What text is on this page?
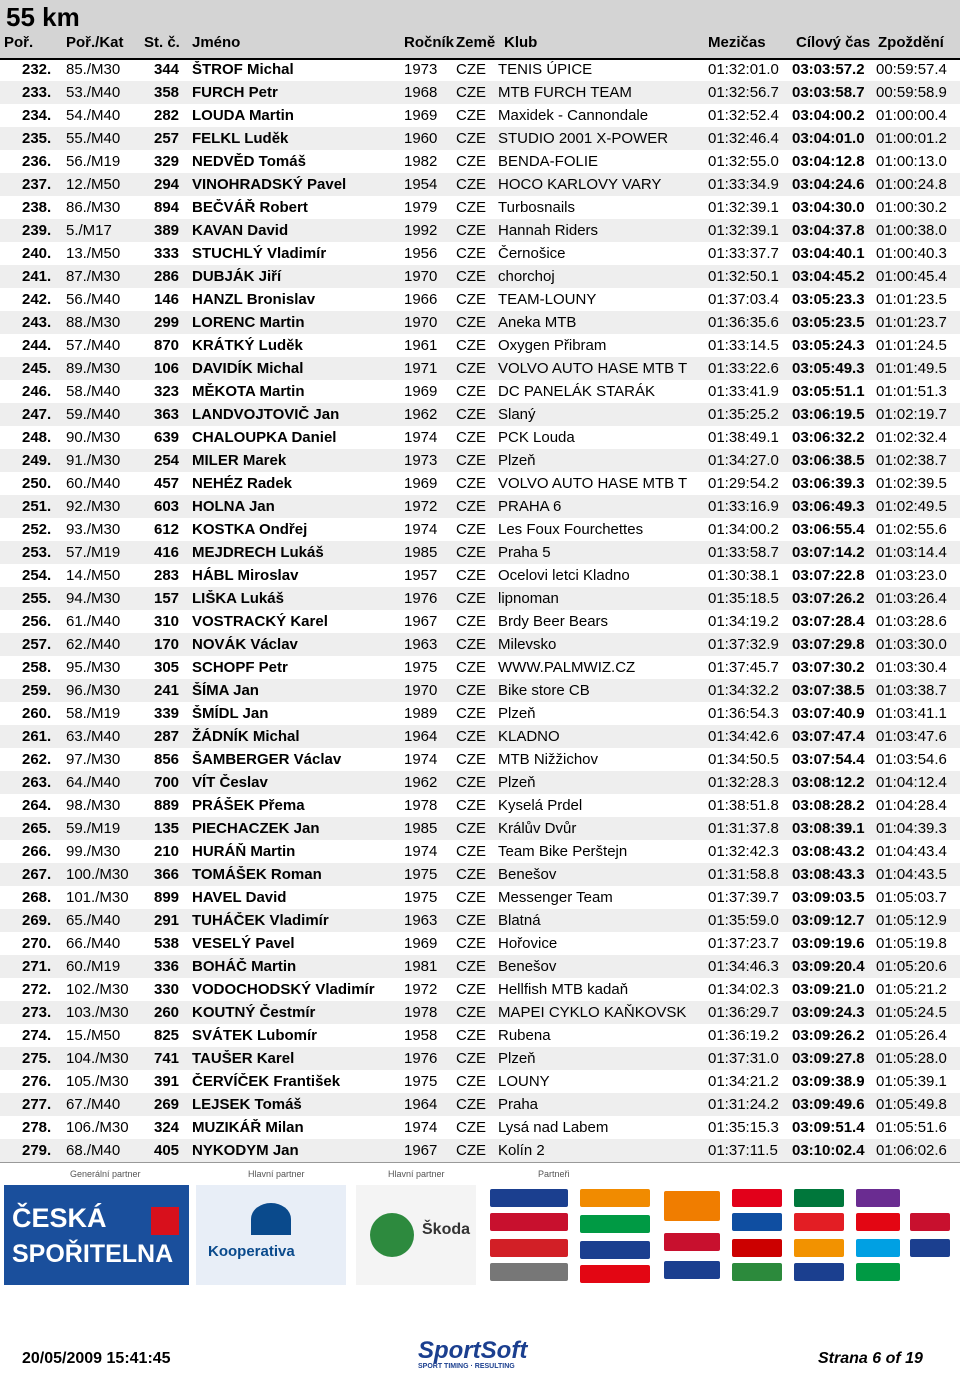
55 km
Poř. Poř./Kat St. č. Jméno	Ročník Země Klub	Mezičas Cílový čas Zpoždění
232. 85./M30	344 ŠTROF Michal	1973	CZE TENIS ÚPICE	01:32:01.0 03:03:57.2 00:59:57.4
233. 53./M40	358 FURCH Petr	1968	CZE MTB FURCH TEAM	01:32:56.7 03:03:58.7 00:59:58.9
234. 54./M40	282 LOUDA Martin	1969	CZE Maxidek - Cannondale	01:32:52.4 03:04:00.2 01:00:00.4
235. 55./M40	257 FELKL Luděk	1960	CZE STUDIO 2001 X-POWER	01:32:46.4 03:04:01.0 01:00:01.2
236. 56./M19	329 NEDVĚD Tomáš	1982	CZE BENDA-FOLIE	01:32:55.0 03:04:12.8 01:00:13.0
237. 12./M50	294 VINOHRADSKÝ Pavel	1954	CZE HOCO KARLOVY VARY	01:33:34.9 03:04:24.6 01:00:24.8
238. 86./M30	894 BEČVÁŘ Robert	1979	CZE Turbosnails	01:32:39.1 03:04:30.0 01:00:30.2
239. 5./M17	389 KAVAN David	1992	CZE Hannah Riders	01:32:39.1 03:04:37.8 01:00:38.0
240. 13./M50	333 STUCHLÝ Vladimír	1956	CZE Černošice	01:33:37.7 03:04:40.1 01:00:40.3
241. 87./M30	286 DUBJÁK Jiří	1970	CZE chorchoj	01:32:50.1 03:04:45.2 01:00:45.4
242. 56./M40	146 HANZL Bronislav	1966	CZE TEAM-LOUNY	01:37:03.4 03:05:23.3 01:01:23.5
243. 88./M30	299 LORENC Martin	1970	CZE Aneka MTB	01:36:35.6 03:05:23.5 01:01:23.7
244. 57./M40	870 KRÁTKÝ Luděk	1961	CZE Oxygen Přibram	01:33:14.5 03:05:24.3 01:01:24.5
245. 89./M30	106 DAVIDÍK Michal	1971	CZE VOLVO AUTO HASE MTB T	01:33:22.6 03:05:49.3 01:01:49.5
246. 58./M40	323 MĚKOTA Martin	1969	CZE DC PANELÁK STARÁK	01:33:41.9 03:05:51.1 01:01:51.3
247. 59./M40	363 LANDVOJTOVIČ Jan	1962	CZE Slaný	01:35:25.2 03:06:19.5 01:02:19.7
248. 90./M30	639 CHALOUPKA Daniel	1974	CZE PCK Louda	01:38:49.1 03:06:32.2 01:02:32.4
249. 91./M30	254 MILER Marek	1973	CZE Plzeň	01:34:27.0 03:06:38.5 01:02:38.7
250. 60./M40	457 NEHÉZ Radek	1969	CZE VOLVO AUTO HASE MTB T	01:29:54.2 03:06:39.3 01:02:39.5
251. 92./M30	603 HOLNA Jan	1972	CZE PRAHA 6	01:33:16.9 03:06:49.3 01:02:49.5
252. 93./M30	612 KOSTKA Ondřej	1974	CZE Les Foux Fourchettes	01:34:00.2 03:06:55.4 01:02:55.6
253. 57./M19	416 MEJDRECH Lukáš	1985	CZE Praha 5	01:33:58.7 03:07:14.2 01:03:14.4
254. 14./M50	283 HÁBL Miroslav	1957	CZE Ocelovi letci Kladno	01:30:38.1 03:07:22.8 01:03:23.0
255. 94./M30	157 LIŠKA Lukáš	1976	CZE lipnoman	01:35:18.5 03:07:26.2 01:03:26.4
256. 61./M40	310 VOSTRACKÝ Karel	1967	CZE Brdy Beer Bears	01:34:19.2 03:07:28.4 01:03:28.6
257. 62./M40	170 NOVÁK Václav	1963	CZE Milevsko	01:37:32.9 03:07:29.8 01:03:30.0
258. 95./M30	305 SCHOPF Petr	1975	CZE WWW.PALMWIZ.CZ	01:37:45.7 03:07:30.2 01:03:30.4
259. 96./M30	241 ŠÍMA Jan	1970	CZE Bike store CB	01:34:32.2 03:07:38.5 01:03:38.7
260. 58./M19	339 ŠMÍDL Jan	1989	CZE Plzeň	01:36:54.3 03:07:40.9 01:03:41.1
261. 63./M40	287 ŽÁDNÍK Michal	1964	CZE KLADNO	01:34:42.6 03:07:47.4 01:03:47.6
262. 97./M30	856 ŠAMBERGER Václav	1974	CZE MTB Nižžichov	01:34:50.5 03:07:54.4 01:03:54.6
263. 64./M40	700 VÍT Česlav	1962	CZE Plzeň	01:32:28.3 03:08:12.2 01:04:12.4
264. 98./M30	889 PRÁŠEK Přema	1978	CZE Kyselá Prdel	01:38:51.8 03:08:28.2 01:04:28.4
265. 59./M19	135 PIECHACZEK Jan	1985	CZE Králův Dvůr	01:31:37.8 03:08:39.1 01:04:39.3
266. 99./M30	210 HURÁŇ Martin	1974	CZE Team Bike Perštejn	01:32:42.3 03:08:43.2 01:04:43.4
267. 100./M30	366 TOMÁŠEK Roman	1975	CZE Benešov	01:31:58.8 03:08:43.3 01:04:43.5
268. 101./M30	899 HAVEL David	1975	CZE Messenger Team	01:37:39.7 03:09:03.5 01:05:03.7
269. 65./M40	291 TUHÁČEK Vladimír	1963	CZE Blatná	01:35:59.0 03:09:12.7 01:05:12.9
270. 66./M40	538 VESELÝ Pavel	1969	CZE Hořovice	01:37:23.7 03:09:19.6 01:05:19.8
271. 60./M19	336 BOHÁČ Martin	1981	CZE Benešov	01:34:46.3 03:09:20.4 01:05:20.6
272. 102./M30	330 VODOCHODSKÝ Vladimír	1972	CZE Hellfish MTB kadaň	01:34:02.3 03:09:21.0 01:05:21.2
273. 103./M30	260 KOUTNÝ Čestmír	1978	CZE MAPEI CYKLO KAŇKOVSK	01:36:29.7 03:09:24.3 01:05:24.5
274. 15./M50	825 SVÁTEK Lubomír	1958	CZE Rubena	01:36:19.2 03:09:26.2 01:05:26.4
275. 104./M30	741 TAUŠER Karel	1976	CZE Plzeň	01:37:31.0 03:09:27.8 01:05:28.0
276. 105./M30	391 ČERVÍČEK František	1975	CZE LOUNY	01:34:21.2 03:09:38.9 01:05:39.1
277. 67./M40	269 LEJSEK Tomáš	1964	CZE Praha	01:31:24.2 03:09:49.6 01:05:49.8
278. 106./M30	324 MUZIKÁŘ Milan	1974	CZE Lysá nad Labem	01:35:15.3 03:09:51.4 01:05:51.6
279. 68./M40	405 NYKODYM Jan	1967	CZE Kolín 2	01:37:11.5 03:10:02.4 01:06:02.6
Generální partner	Hlavní partner	Hlavní partner	Partneři
ČESKÁ
SPOŘITELNA Kooperativa
Škoda
20/05/2009 15:41:45	SportSoft
SPORT TIMING · RESULTING	Strana 6 of 19
